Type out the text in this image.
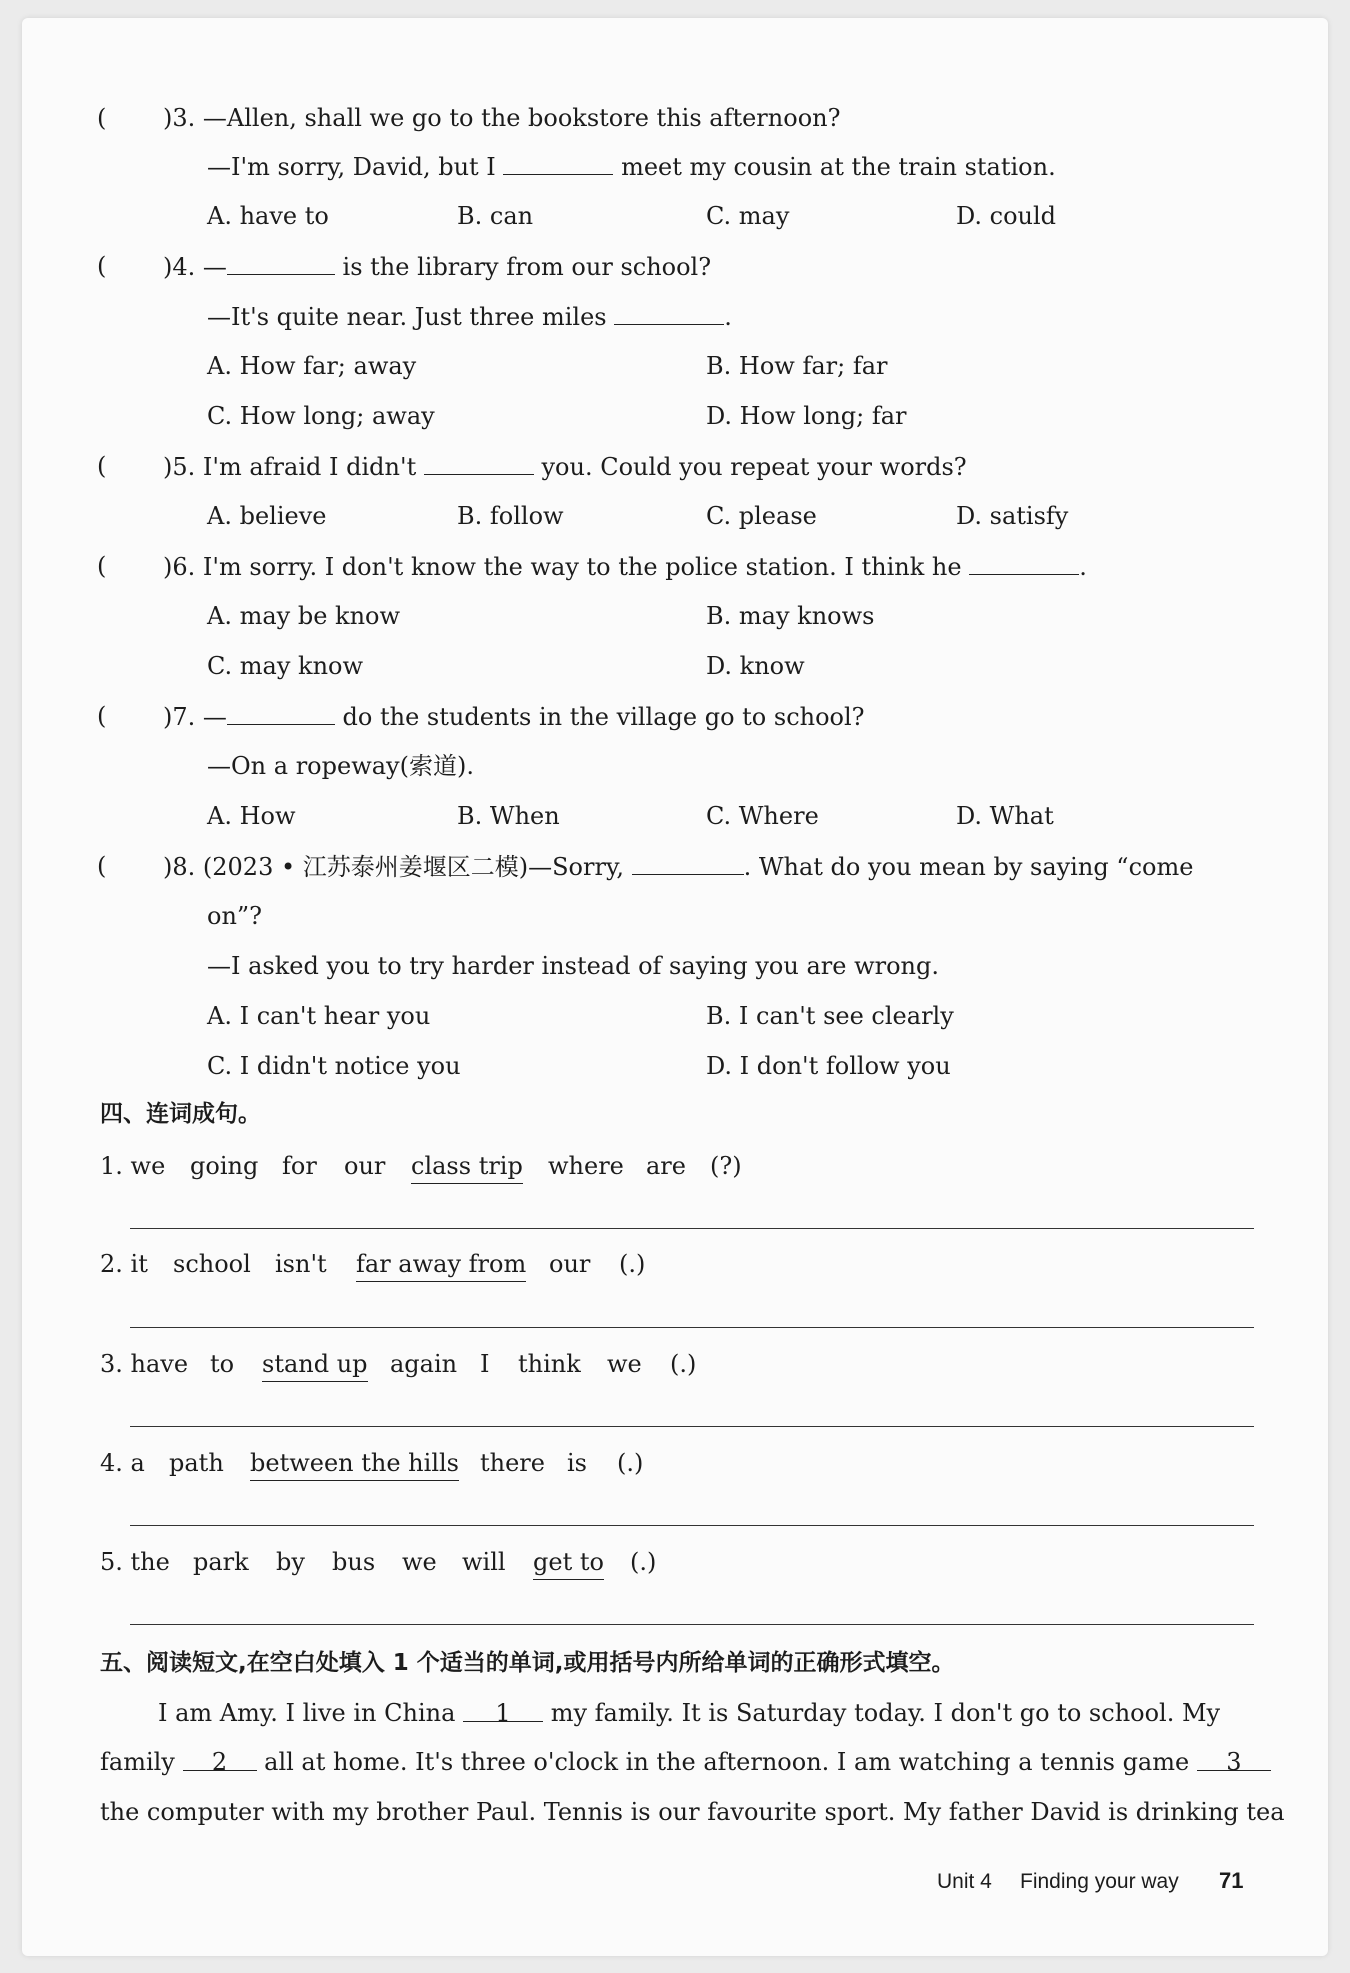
( )3. —Allen, shall we go to the bookstore this afternoon?
—I'm sorry, David, but I	meet my cousin at the train station.
A. have to	B. can	C. may	D. could
( )4. —	is the library from our school?
—It's quite near. Just three miles	.
A. How far; away	B. How far; far
C. How long; away	D. How long; far
( )5. I'm afraid I didn't	you. Could you repeat your words?
A. believe	B. follow	C. please	D. satisfy
( )6. I'm sorry. I don't know the way to the police station. I think he	.
A. may be know	B. may knows
C. may know	D. know
( )7. —	do the students in the village go to school?
—On a ropeway(索道).
A. How	B. When	C. Where	D. What
( )8. (2023 • 江苏泰州姜堰区二模)—Sorry,	. What do you mean by saying “come
on”?
—I asked you to try harder instead of saying you are wrong.
A. I can't hear you	B. I can't see clearly
C. I didn't notice you	D. I don't follow you
四、连词成句。
1. we going for our class trip where are (?)
2. it school isn't far away from our (.)
3. have to stand up again I think we (.)
4. a path between the hills there is (.)
5. the park by bus we will get to (.)
五、阅读短文,在空白处填入 1 个适当的单词,或用括号内所给单词的正确形式填空。
I am Amy. I live in China 1 my family. It is Saturday today. I don't go to school. My
family 2 all at home. It's three o'clock in the afternoon. I am watching a tennis game 3
the computer with my brother Paul. Tennis is our favourite sport. My father David is drinking tea
Unit 4 Finding your way 71
